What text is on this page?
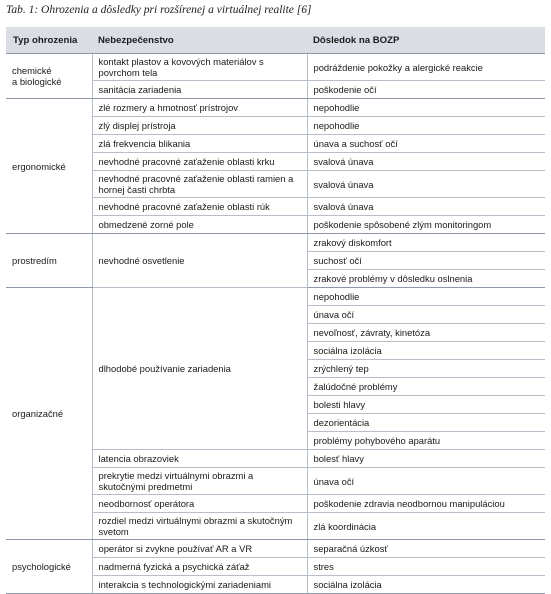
Tab. 1: Ohrozenia a dôsledky pri rozšírenej a virtuálnej realite [6]
Typ ohrozenia	Nebezpečenstvo	Dôsledok na BOZP
chemické
a biologické	kontakt plastov a kovových materiálov s povrchom tela	podráždenie pokožky a alergické reakcie
	sanitácia zariadenia	poškodenie očí
ergonomické	zlé rozmery a hmotnosť prístrojov	nepohodlie
	zlý displej prístroja	nepohodlie
	zlá frekvencia blikania	únava a suchosť očí
	nevhodné pracovné zaťaženie oblasti krku	svalová únava
	nevhodné pracovné zaťaženie oblasti ramien a hornej časti chrbta	svalová únava
	nevhodné pracovné zaťaženie oblasti rúk	svalová únava
	obmedzené zorné pole	poškodenie spôsobené zlým monitoringom
prostredím	nevhodné osvetlenie	zrakový diskomfort
		suchosť očí
		zrakové problémy v dôsledku oslnenia
organizačné	dlhodobé používanie zariadenia	nepohodlie
		únava očí
		nevoľnosť, závraty, kinetóza
		sociálna izolácia
		zrýchlený tep
		žalúdočné problémy
		bolesti hlavy
		dezorientácia
		problémy pohybového aparátu
	latencia obrazoviek	bolesť hlavy
	prekrytie medzi virtuálnymi obrazmi a skutočnými predmetmi	únava očí
	neodbornosť operátora	poškodenie zdravia neodbornou manipuláciou
	rozdiel medzi virtuálnymi obrazmi a skutočným svetom	zlá koordinácia
psychologické	operátor si zvykne používať AR a VR	separačná úzkosť
	nadmerná fyzická a psychická záťaž	stres
	interakcia s technologickými zariadeniami	sociálna izolácia
